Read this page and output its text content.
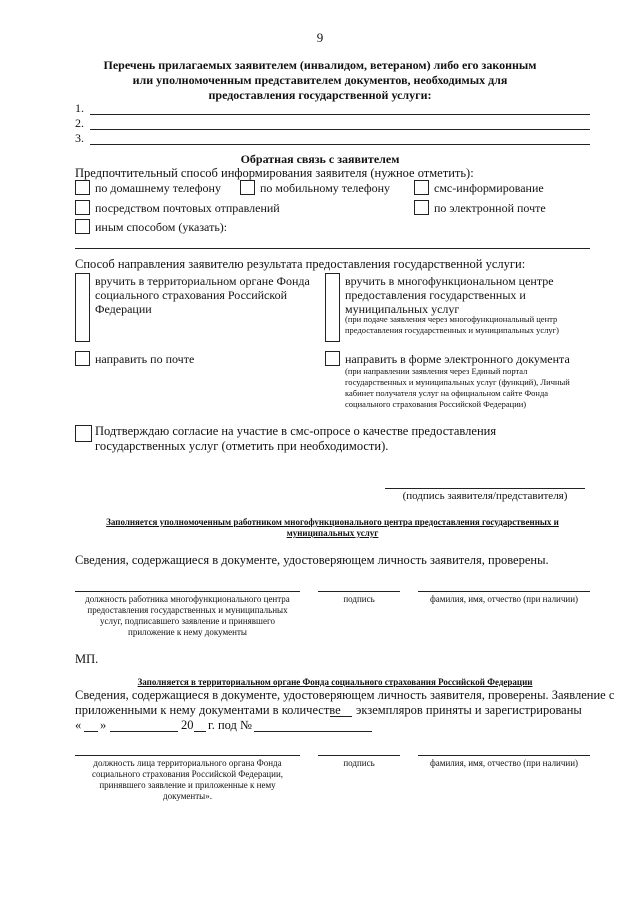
9
Перечень прилагаемых заявителем (инвалидом, ветераном) либо его законным или уполномоченным представителем документов, необходимых для предоставления государственной услуги:
1.
2.
3.
Обратная связь с заявителем
Предпочтительный способ информирования заявителя (нужное отметить):
по домашнему телефону	по мобильному телефону	смс-информирование
посредством почтовых отправлений	по электронной почте
иным способом (указать):
Способ направления заявителю результата предоставления государственной услуги:
вручить в территориальном органе Фонда социального страхования Российской Федерации
вручить в многофункциональном центре предоставления государственных и муниципальных услуг
(при подаче заявления через многофункциональный центр предоставления государственных и муниципальных услуг)
направить по почте	направить в форме электронного документа
(при направлении заявления через Единый портал государственных и муниципальных услуг (функций), Личный кабинет получателя услуг на официальном сайте Фонда социального страхования Российской Федерации)
Подтверждаю согласие на участие в смс-опросе о качестве предоставления государственных услуг (отметить при необходимости).
(подпись заявителя/представителя)
Заполняется уполномоченным работником многофункционального центра предоставления государственных и муниципальных услуг
Сведения, содержащиеся в документе, удостоверяющем личность заявителя, проверены.
должность работника многофункционального центра предоставления государственных и муниципальных услуг, подписавшего заявление и принявшего приложение к нему документы
подпись	фамилия, имя, отчество (при наличии)
МП.
Заполняется в территориальном органе Фонда социального страхования Российской Федерации
Сведения, содержащиеся в документе, удостоверяющем личность заявителя, проверены. Заявление с
приложенными к нему документами в количестве экземпляров приняты и зарегистрированы
« »	20 г. под №
должность лица территориального органа Фонда социального страхования Российской Федерации, принявшего заявление и приложенные к нему документы».
подпись	фамилия, имя, отчество (при наличии)
